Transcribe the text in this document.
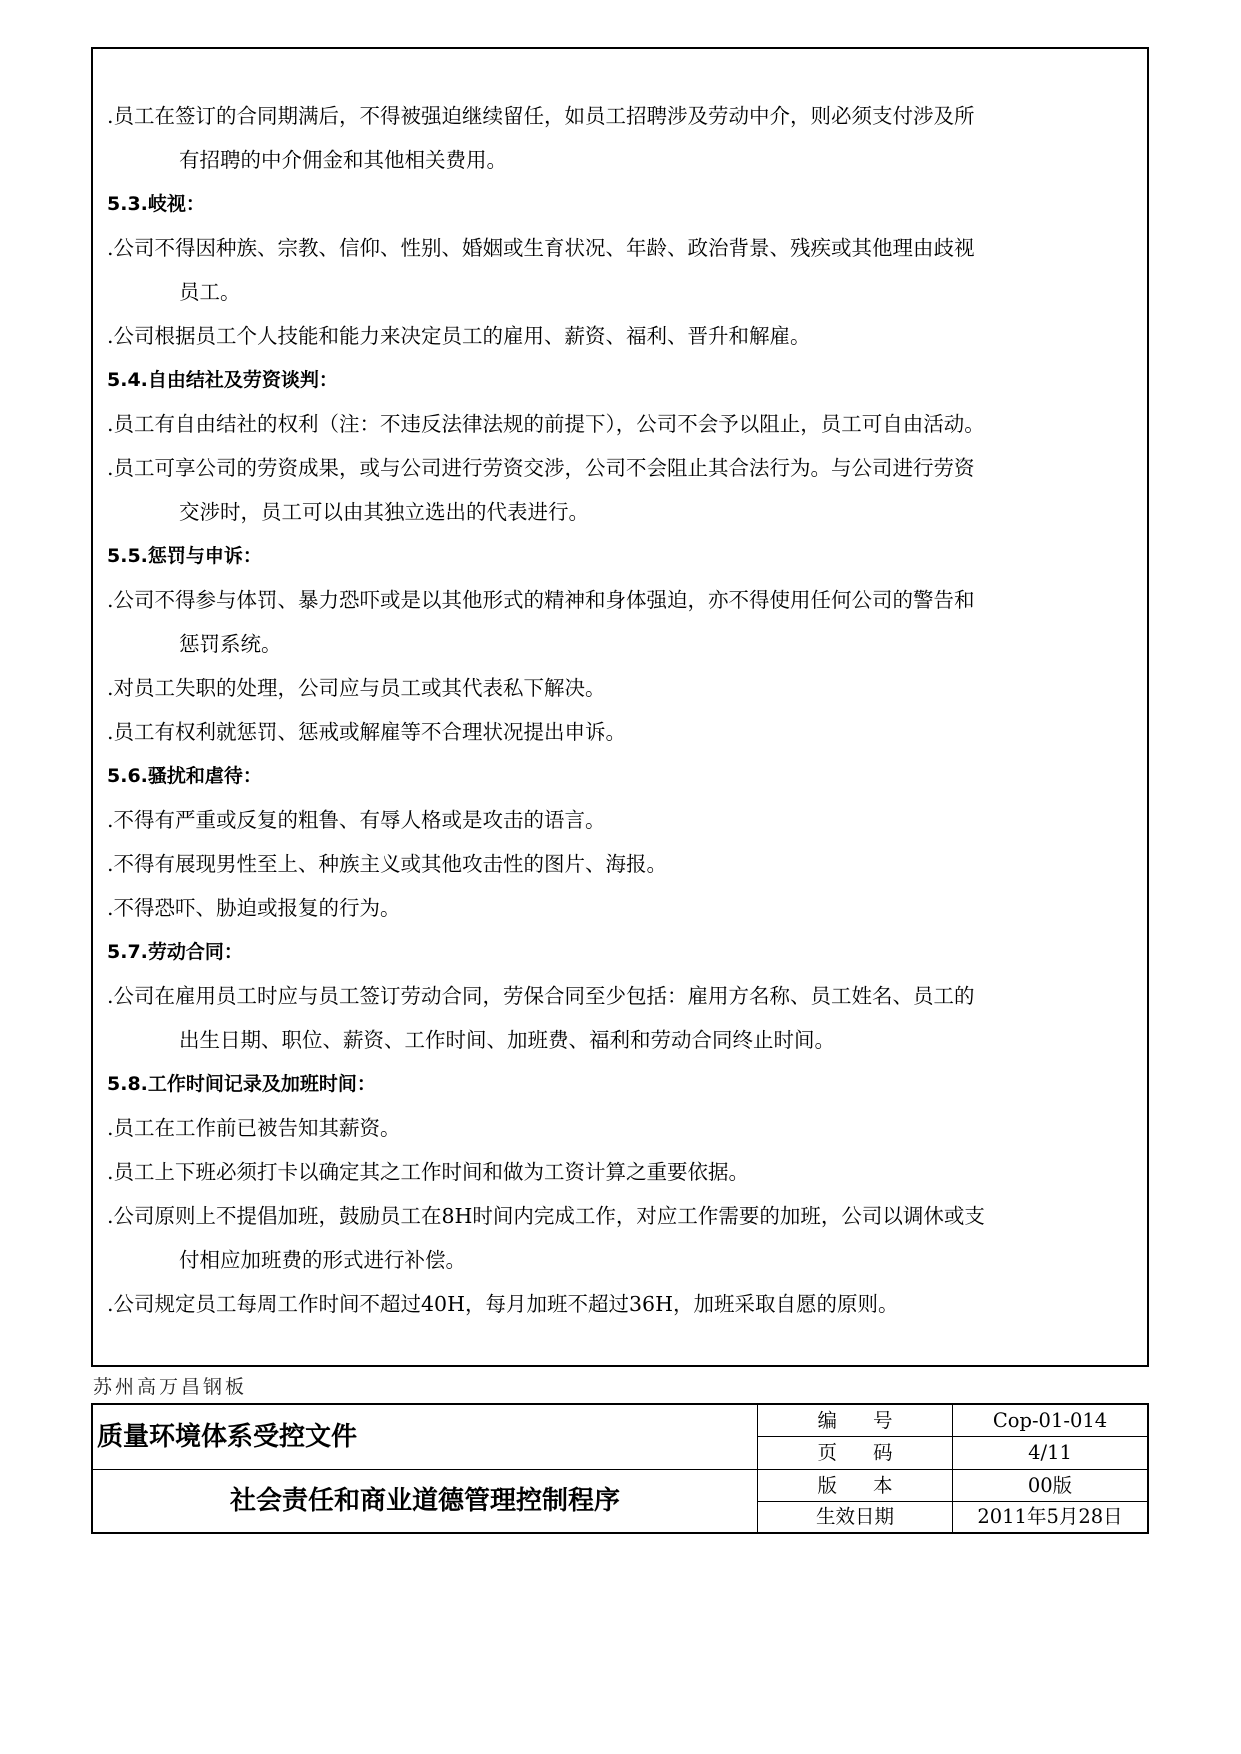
.员工在签订的合同期满后，不得被强迫继续留任，如员工招聘涉及劳动中介，则必须支付涉及所

有招聘的中介佣金和其他相关费用。

5.3.岐视：

.公司不得因种族、宗教、信仰、性别、婚姻或生育状况、年龄、政治背景、残疾或其他理由歧视

员工。

.公司根据员工个人技能和能力来决定员工的雇用、薪资、福利、晋升和解雇。

5.4.自由结社及劳资谈判：

.员工有自由结社的权利（注：不违反法律法规的前提下），公司不会予以阻止，员工可自由活动。

.员工可享公司的劳资成果，或与公司进行劳资交涉，公司不会阻止其合法行为。与公司进行劳资

交涉时，员工可以由其独立选出的代表进行。

5.5.惩罚与申诉：

.公司不得参与体罚、暴力恐吓或是以其他形式的精神和身体强迫，亦不得使用任何公司的警告和

惩罚系统。

.对员工失职的处理，公司应与员工或其代表私下解决。

.员工有权利就惩罚、惩戒或解雇等不合理状况提出申诉。

5.6.骚扰和虐待：

.不得有严重或反复的粗鲁、有辱人格或是攻击的语言。

.不得有展现男性至上、种族主义或其他攻击性的图片、海报。

.不得恐吓、胁迫或报复的行为。

5.7.劳动合同：

.公司在雇用员工时应与员工签订劳动合同，劳保合同至少包括：雇用方名称、员工姓名、员工的

出生日期、职位、薪资、工作时间、加班费、福利和劳动合同终止时间。

5.8.工作时间记录及加班时间：

.员工在工作前已被告知其薪资。

.员工上下班必须打卡以确定其之工作时间和做为工资计算之重要依据。

.公司原则上不提倡加班，鼓励员工在8H时间内完成工作，对应工作需要的加班，公司以调休或支

付相应加班费的形式进行补偿。

.公司规定员工每周工作时间不超过40H，每月加班不超过36H，加班采取自愿的原则。

苏州高万昌钢板
质量环境体系受控文件
社会责任和商业道德管理控制程序
编号	Cop-01-014
页码	4/11
版本	00版
生效日期	2011年5月28日
